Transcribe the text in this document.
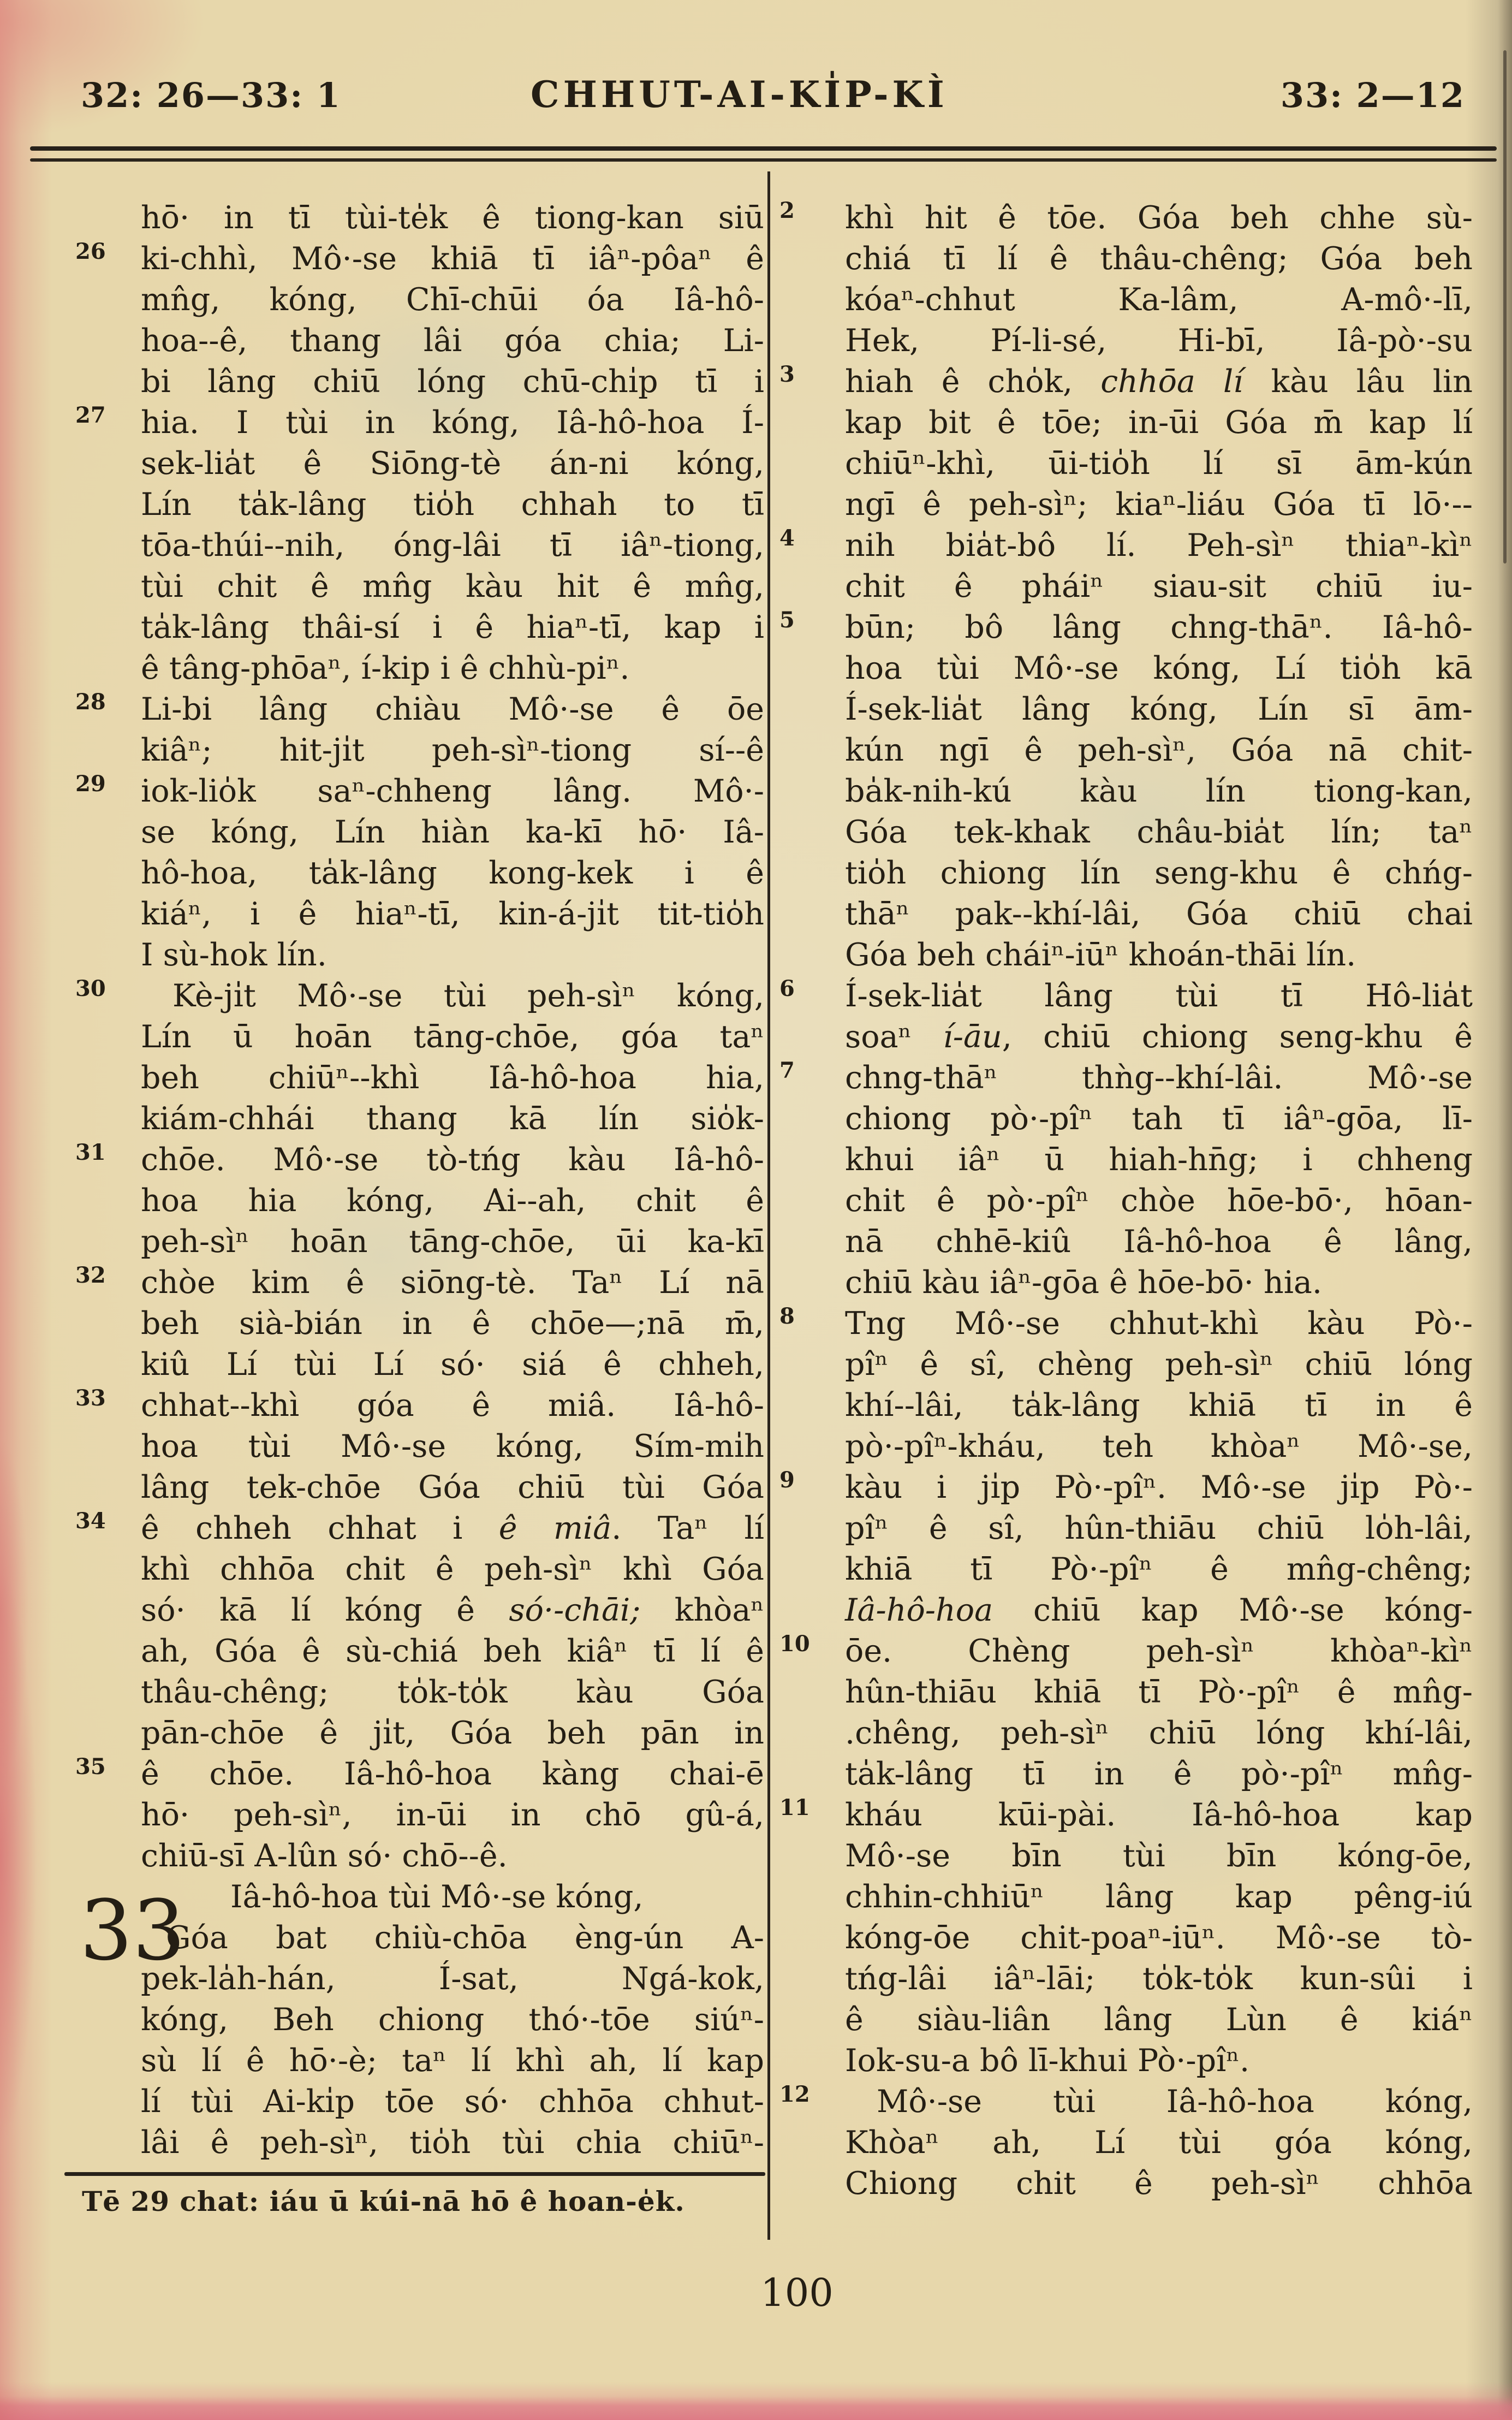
32: 26—33: 1	CHHUT-AI-KI̍P-KÌ	33: 2—12
hō· in tī tùi-te̍k ê tiong-kan siū
ki-chhì, Mô·-se khiā tī iâⁿ-pôaⁿ ê
26
mn̂g, kóng, Chī-chūi óa Iâ-hô-
hoa--ê, thang lâi góa chia; Li-
bi lâng chiū lóng chū-chi̍p tī i
hia. I tùi in kóng, Iâ-hô-hoa Í-
27
sek-lia̍t ê Siōng-tè án-ni kóng,
Lín ta̍k-lâng tio̍h chhah to tī
tōa-thúi--nih, óng-lâi tī iâⁿ-tiong,
tùi chit ê mn̂g kàu hit ê mn̂g,
ta̍k-lâng thâi-sí i ê hiaⁿ-tī, kap i
ê tâng-phōaⁿ, í-kip i ê chhù-piⁿ.
Li-bi lâng chiàu Mô·-se ê ōe
28
kiâⁿ; hit-ji̍t peh-sìⁿ-tiong sí--ê
iok-lio̍k saⁿ-chheng lâng. Mô·-
29
se kóng, Lín hiàn ka-kī hō· Iâ-
hô-hoa, ta̍k-lâng kong-kek i ê
kiáⁿ, i ê hiaⁿ-tī, kin-á-ji̍t tit-tio̍h
I sù-hok lín.
Kè-ji̍t Mô·-se tùi peh-sìⁿ kóng,
30
Lín ū hoān tāng-chōe, góa taⁿ
beh chiūⁿ--khì Iâ-hô-hoa hia,
kiám-chhái thang kā lín sio̍k-
chōe. Mô·-se tò-tńg kàu Iâ-hô-
31
hoa hia kóng, Ai--ah, chit ê
peh-sìⁿ hoān tāng-chōe, ūi ka-kī
chòe kim ê siōng-tè. Taⁿ Lí nā
32
beh sià-bián in ê chōe—;nā m̄,
kiû Lí tùi Lí só· siá ê chheh,
chhat--khì góa ê miâ. Iâ-hô-
33
hoa tùi Mô·-se kóng, Sím-mi̍h
lâng tek-chōe Góa chiū tùi Góa
ê chheh chhat i ê miâ. Taⁿ lí
34
khì chhōa chit ê peh-sìⁿ khì Góa
só· kā lí kóng ê só·-chāi; khòaⁿ
ah, Góa ê sù-chiá beh kiâⁿ tī lí ê
thâu-chêng; to̍k-to̍k kàu Góa
pān-chōe ê ji̍t, Góa beh pān in
ê chōe. Iâ-hô-hoa kàng chai-ē
35
hō· peh-sìⁿ, in-ūi in chō gû-á,
chiū-sī A-lûn só· chō--ê.
Iâ-hô-hoa tùi Mô·-se kóng,
33
Góa bat chiù-chōa èng-ún A-
pek-la̍h-hán, Í-sat, Ngá-kok,
kóng, Beh chiong thó·-tōe siúⁿ-
sù lí ê hō·-è; taⁿ lí khì ah, lí kap
lí tùi Ai-ki̍p tōe só· chhōa chhut-
lâi ê peh-sìⁿ, tio̍h tùi chia chiūⁿ-
khì hit ê tōe. Góa beh chhe sù-
2
chiá tī lí ê thâu-chêng; Góa beh
kóaⁿ-chhut Ka-lâm, A-mô·-lī,
Hek, Pí-li-sé, Hi-bī, Iâ-pò·-su
hiah ê cho̍k, chhōa lí kàu lâu lin
3
kap bit ê tōe; in-ūi Góa m̄ kap lí
chiūⁿ-khì, ūi-tio̍h lí sī ām-kún
ngī ê peh-sìⁿ; kiaⁿ-liáu Góa tī lō·--
nih bia̍t-bô lí. Peh-sìⁿ thiaⁿ-kìⁿ
4
chit ê pháiⁿ siau-sit chiū iu-
būn; bô lâng chng-thāⁿ. Iâ-hô-
5
hoa tùi Mô·-se kóng, Lí tio̍h kā
Í-sek-lia̍t lâng kóng, Lín sī ām-
kún ngī ê peh-sìⁿ, Góa nā chit-
ba̍k-nih-kú kàu lín tiong-kan,
Góa tek-khak châu-bia̍t lín; taⁿ
tio̍h chiong lín seng-khu ê chńg-
thāⁿ pak--khí-lâi, Góa chiū chai
Góa beh cháiⁿ-iūⁿ khoán-thāi lín.
Í-sek-lia̍t lâng tùi tī Hô-lia̍t
6
soaⁿ í-āu, chiū chiong seng-khu ê
chng-thāⁿ thǹg--khí-lâi. Mô·-se
7
chiong pò·-pîⁿ tah tī iâⁿ-gōa, lī-
khui iâⁿ ū hiah-hn̄g; i chheng
chit ê pò·-pîⁿ chòe hōe-bō·, hōan-
nā chhē-kiû Iâ-hô-hoa ê lâng,
chiū kàu iâⁿ-gōa ê hōe-bō· hia.
Tng Mô·-se chhut-khì kàu Pò·-
8
pîⁿ ê sî, chèng peh-sìⁿ chiū lóng
khí--lâi, ta̍k-lâng khiā tī in ê
pò·-pîⁿ-kháu, teh khòaⁿ Mô·-se,
kàu i ji̍p Pò·-pîⁿ. Mô·-se ji̍p Pò·-
9
pîⁿ ê sî, hûn-thiāu chiū lo̍h-lâi,
khiā tī Pò·-pîⁿ ê mn̂g-chêng;
Iâ-hô-hoa chiū kap Mô·-se kóng-
ōe. Chèng peh-sìⁿ khòaⁿ-kìⁿ
10
hûn-thiāu khiā tī Pò·-pîⁿ ê mn̂g-
.chêng, peh-sìⁿ chiū lóng khí-lâi,
ta̍k-lâng tī in ê pò·-pîⁿ mn̂g-
kháu kūi-pài. Iâ-hô-hoa kap
11
Mô·-se bīn tùi bīn kóng-ōe,
chhin-chhiūⁿ lâng kap pêng-iú
kóng-ōe chit-poaⁿ-iūⁿ. Mô·-se tò-
tńg-lâi iâⁿ-lāi; to̍k-to̍k kun-sûi i
ê siàu-liân lâng Lùn ê kiáⁿ
Iok-su-a bô lī-khui Pò·-pîⁿ.
Mô·-se tùi Iâ-hô-hoa kóng,
12
Khòaⁿ ah, Lí tùi góa kóng,
Chiong chit ê peh-sìⁿ chhōa
Tē 29 chat: iáu ū kúi-nā hō ê hoan-e̍k.
100
